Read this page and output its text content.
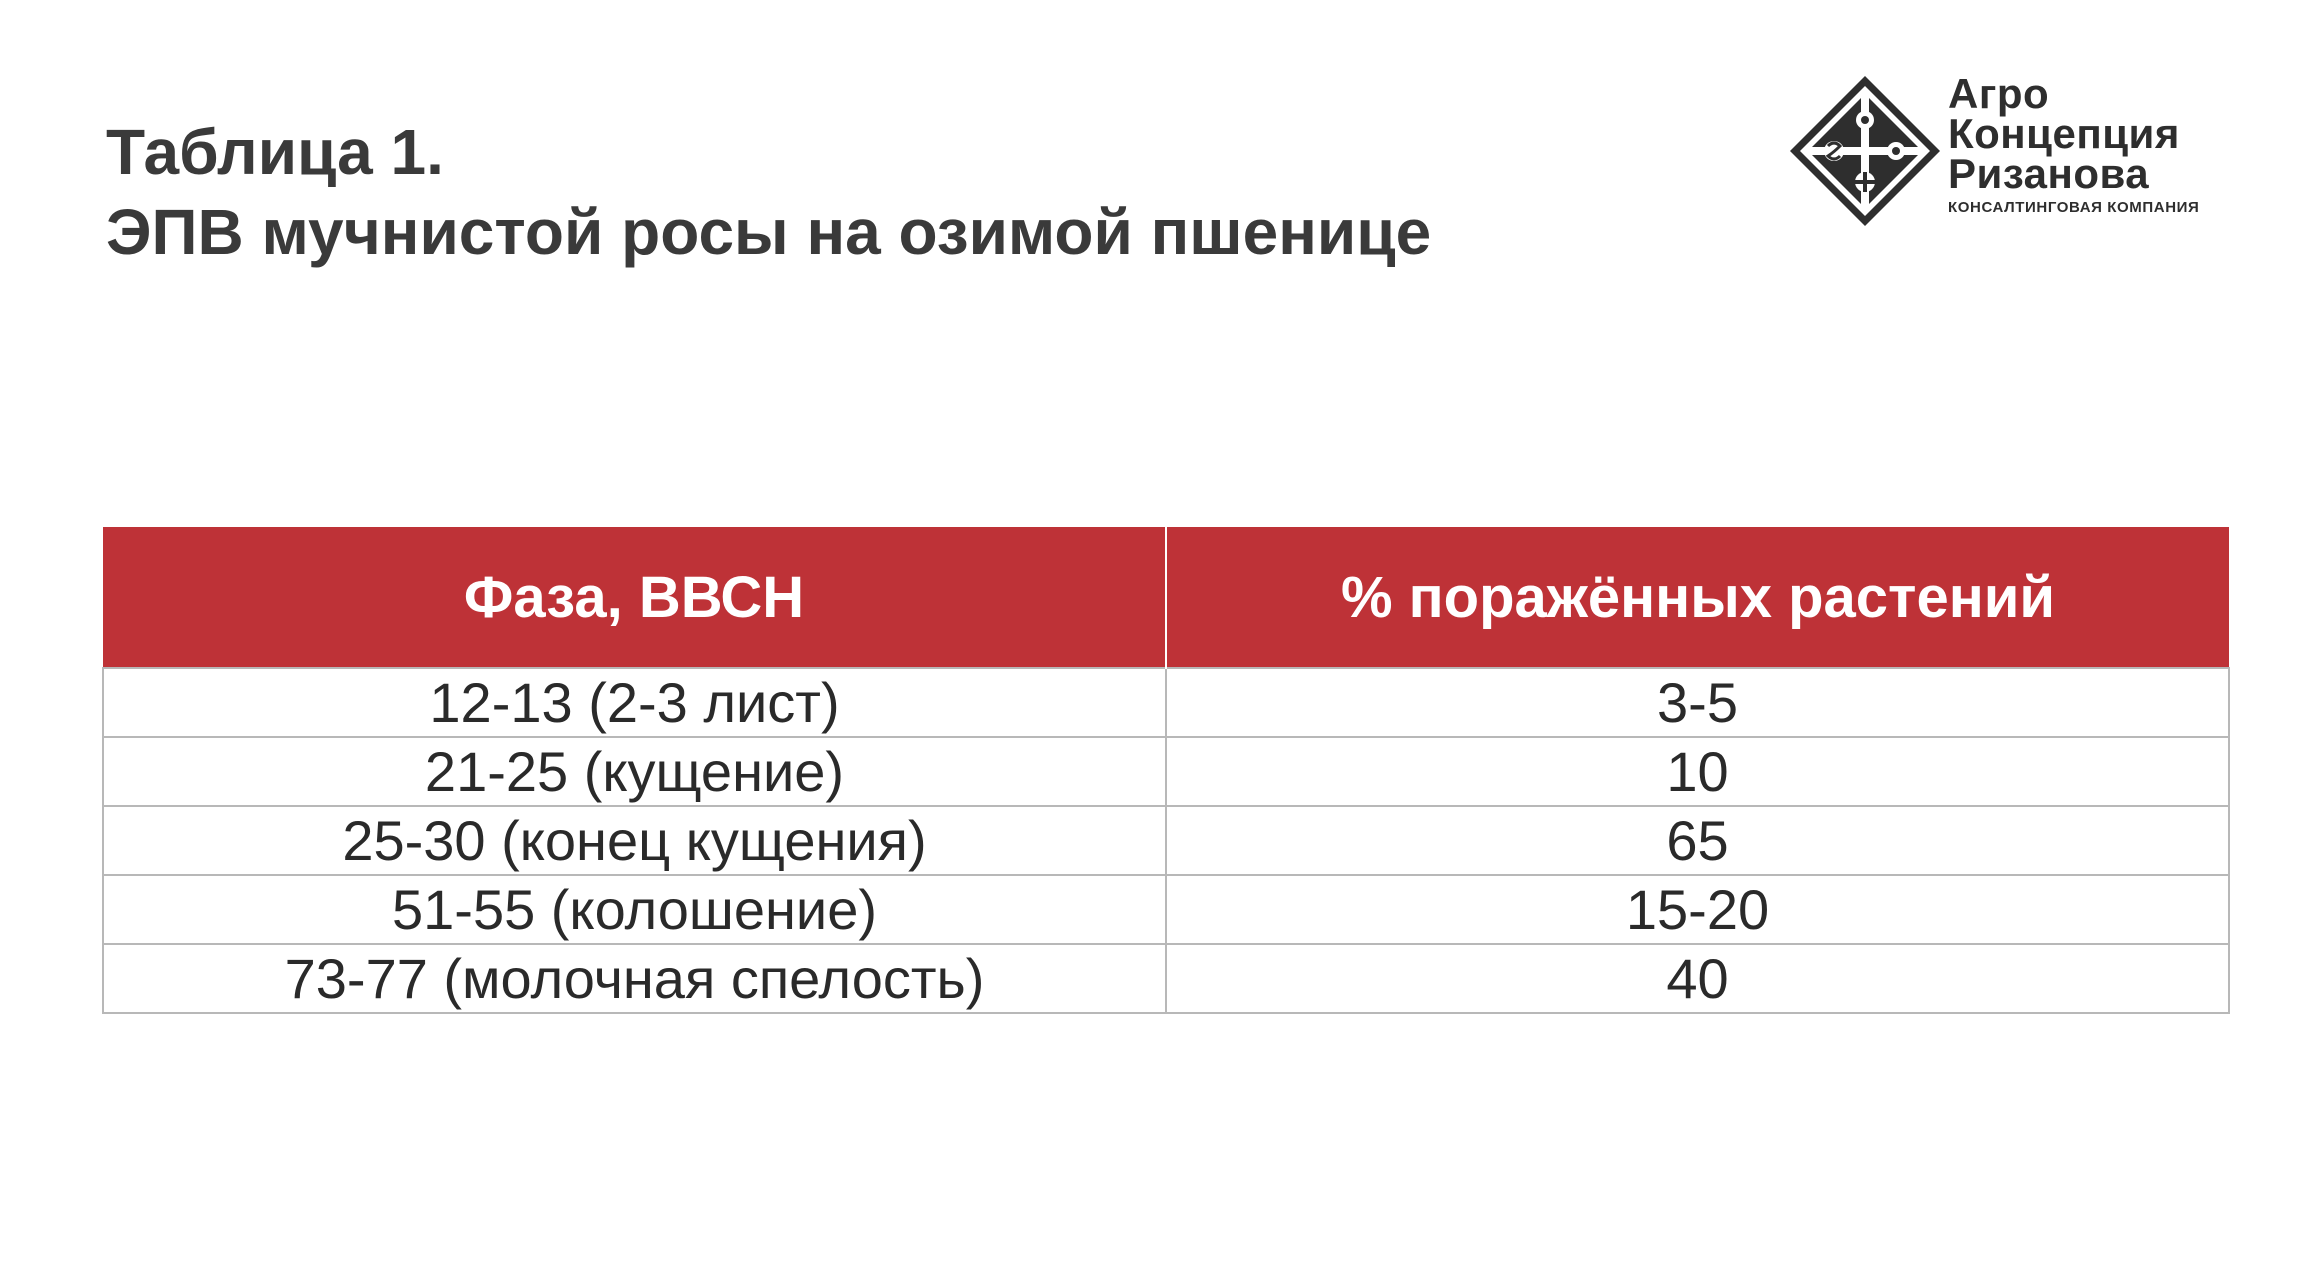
Таблица 1.
ЭПВ мучнистой росы на озимой пшенице
Агро
Концепция
Ризанова
КОНСАЛТИНГОВАЯ КОМПАНИЯ
Фаза, ВВСН	% поражённых растений
12-13 (2-3 лист)	3-5
21-25 (кущение)	10
25-30 (конец кущения)	65
51-55 (колошение)	15-20
73-77 (молочная спелость)	40
